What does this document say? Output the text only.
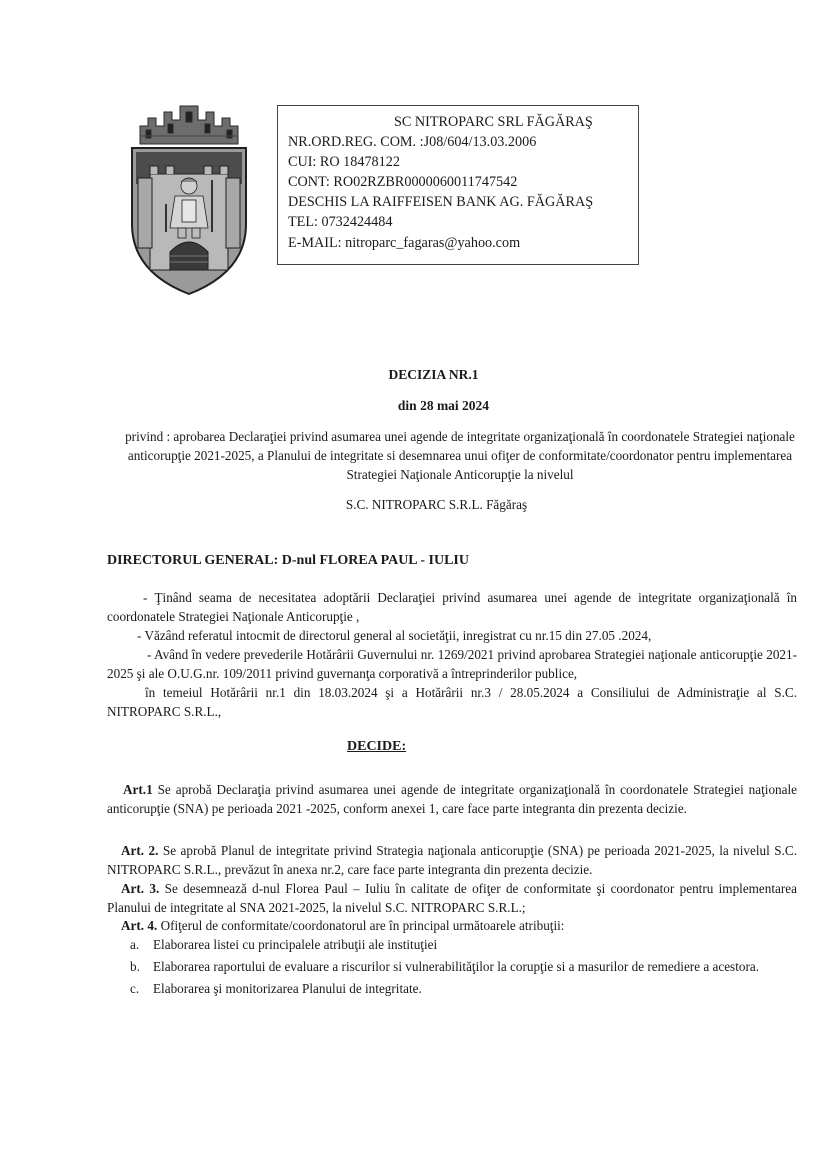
SC NITROPARC SRL FĂGĂRAŞ
NR.ORD.REG. COM. :J08/604/13.03.2006
CUI: RO 18478122
CONT: RO02RZBR0000060011747542
DESCHIS LA RAIFFEISEN BANK AG. FĂGĂRAŞ
TEL: 0732424484
E-MAIL: nitroparc_fagaras@yahoo.com
DECIZIA NR.1
din 28 mai 2024
privind : aprobarea Declaraţiei privind asumarea unei agende de integritate organizaţională în coordonatele Strategiei naţionale anticorupţie 2021-2025, a Planului de integritate si desemnarea unui ofiţer de conformitate/coordonator pentru implementarea Strategiei Naţionale Anticorupţie la nivelul
S.C. NITROPARC S.R.L. Făgăraş
DIRECTORUL GENERAL: D-nul FLOREA PAUL - IULIU
- Ţinând seama de necesitatea adoptării Declaraţiei privind asumarea unei agende de integritate organizaţională în coordonatele Strategiei Naţionale Anticorupţie ,
- Văzând referatul intocmit de directorul general al societăţii, inregistrat cu nr.15 din 27.05 .2024,
- Având în vedere prevederile Hotărârii Guvernului nr. 1269/2021 privind aprobarea Strategiei naţionale anticorupţie 2021-2025 şi ale O.U.G.nr. 109/2011 privind guvernanţa corporativă a întreprinderilor publice,
în temeiul Hotărârii nr.1 din 18.03.2024 şi a Hotărârii nr.3 / 28.05.2024 a Consiliului de Administraţie al S.C. NITROPARC S.R.L.,
DECIDE:
Art.1 Se aprobă Declaraţia privind asumarea unei agende de integritate organizaţională în coordonatele Strategiei naţionale anticorupţie (SNA) pe perioada 2021 -2025, conform anexei 1, care face parte integranta din prezenta decizie.
Art. 2. Se aprobă Planul de integritate privind Strategia naţionala anticorupţie (SNA) pe perioada 2021-2025, la nivelul S.C. NITROPARC S.R.L., prevăzut în anexa nr.2, care face parte integranta din prezenta decizie.
Art. 3. Se desemnează d-nul Florea Paul – Iuliu în calitate de ofiţer de conformitate şi coordonator pentru implementarea Planului de integritate al SNA 2021-2025, la nivelul S.C. NITROPARC S.R.L.;
Art. 4. Ofiţerul de conformitate/coordonatorul are în principal următoarele atribuţii:
a. Elaborarea listei cu principalele atribuţii ale instituţiei
b. Elaborarea raportului de evaluare a riscurilor si vulnerabilităţilor la corupţie si a masurilor de remediere a acestora.
c. Elaborarea şi monitorizarea Planului de integritate.
